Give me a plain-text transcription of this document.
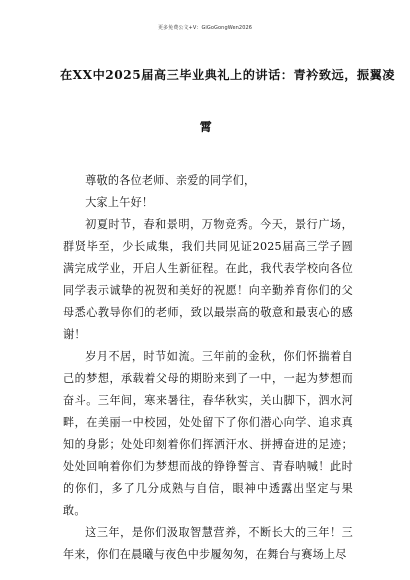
更多免费公文+V：GiGoGongWen2026
在XX中2025届高三毕业典礼上的讲话：青衿致远，振翼凌
霄

尊敬的各位老师、亲爱的同学们，

大家上午好！

初夏时节，春和景明，万物竞秀。今天，景行广场，群贤毕至，少长咸集，我们共同见证2025届高三学子圆满完成学业，开启人生新征程。在此，我代表学校向各位同学表示诚挚的祝贺和美好的祝愿！向辛勤养育你们的父母悉心教导你们的老师，致以最崇高的敬意和最衷心的感谢！

岁月不居，时节如流。三年前的金秋，你们怀揣着自己的梦想，承载着父母的期盼来到了一中，一起为梦想而奋斗。三年间，寒来暑往，春华秋实，关山脚下，泗水河畔，在美丽一中校园，处处留下了你们潜心向学、追求真知的身影；处处印刻着你们挥洒汗水、拼搏奋进的足迹；处处回响着你们为梦想而战的铮铮誓言、青春呐喊！此时的你们，多了几分成熟与自信，眼神中透露出坚定与果敢。

这三年，是你们汲取智慧营养，不断长大的三年！三年来，你们在晨曦与夜色中步履匆匆，在舞台与赛场上尽
